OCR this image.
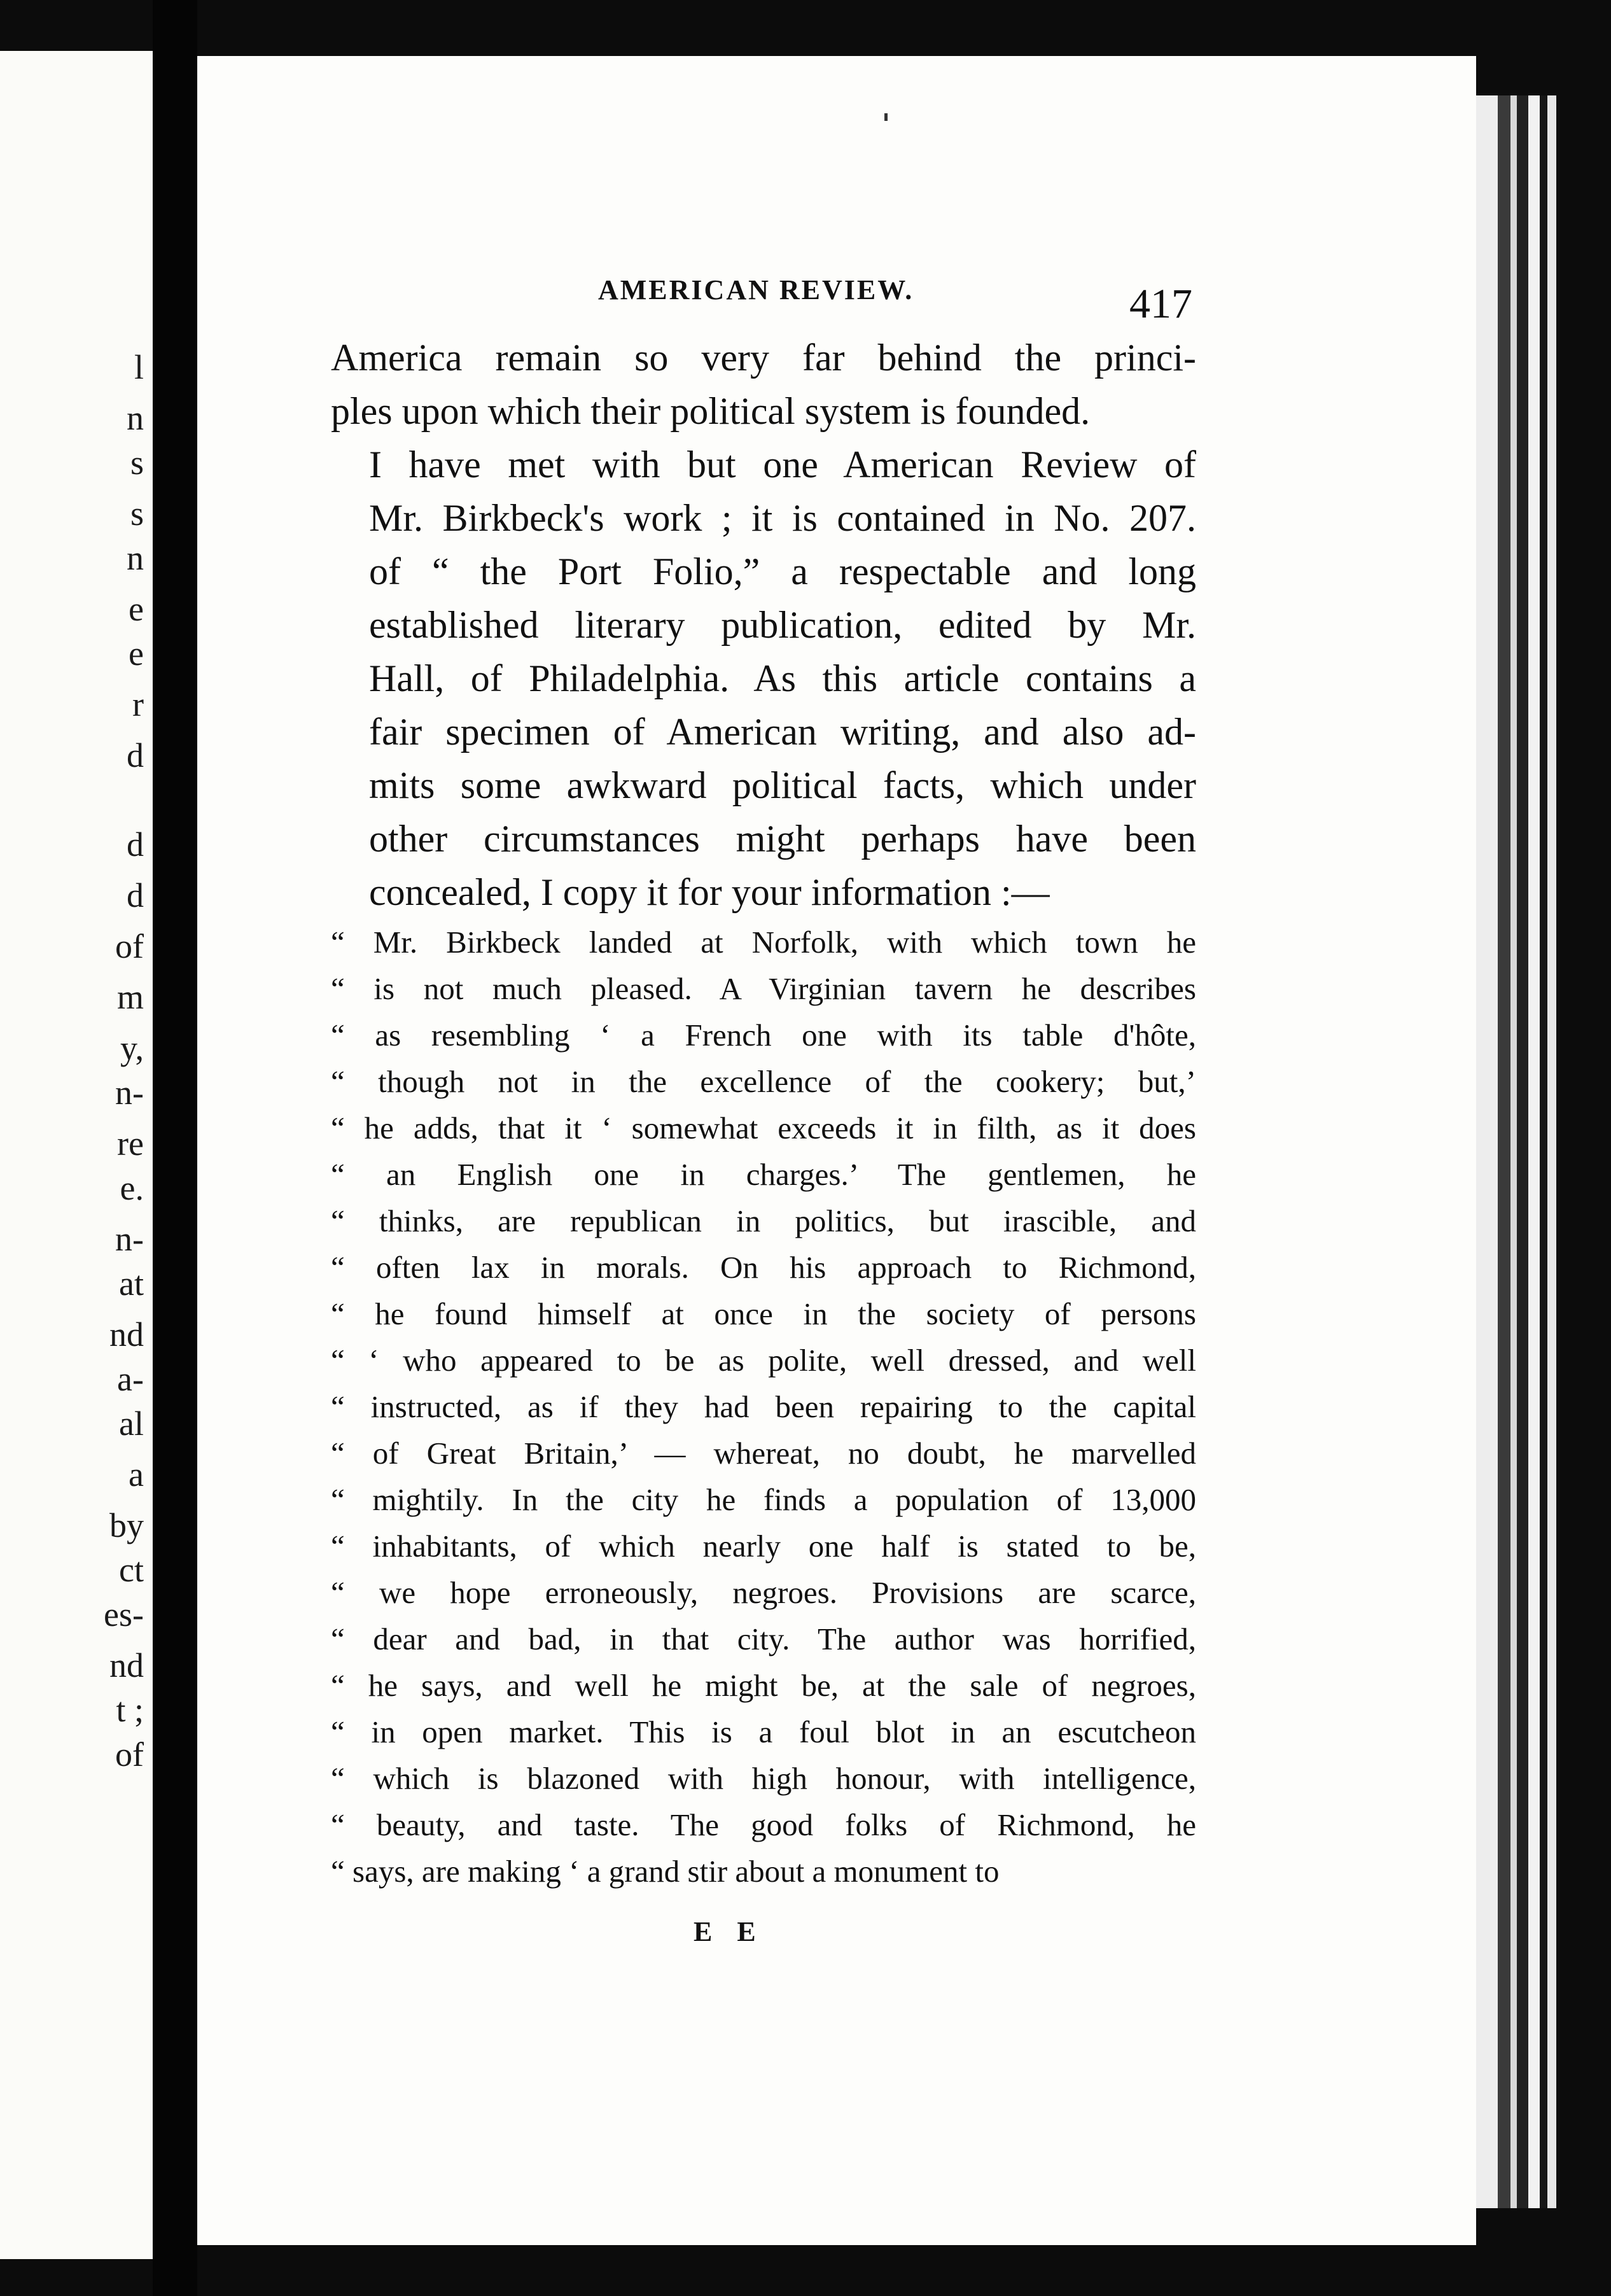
l
n
s
s
n
e
e
r
d
d
d
of
m
y,
n-
re
e.
n-
at
nd
a-
al
a
by
ct
es-
nd
t ;
of
AMERICAN REVIEW.	417

America remain so very far behind the princi-
ples upon which their political system is founded.

I have met with but one American Review of
Mr. Birkbeck's work ; it is contained in No. 207.
of “ the Port Folio,” a respectable and long
established literary publication, edited by Mr.
Hall, of Philadelphia. As this article contains a
fair specimen of American writing, and also ad-
mits some awkward political facts, which under
other circumstances might perhaps have been
concealed, I copy it for your information :—

“ Mr. Birkbeck landed at Norfolk, with which town he
“ is not much pleased. A Virginian tavern he describes
“ as resembling ‘ a French one with its table d'hôte,
“ though not in the excellence of the cookery; but,’
“ he adds, that it ‘ somewhat exceeds it in filth, as it does
“ an English one in charges.’ The gentlemen, he
“ thinks, are republican in politics, but irascible, and
“ often lax in morals. On his approach to Richmond,
“ he found himself at once in the society of persons
“ ‘ who appeared to be as polite, well dressed, and well
“ instructed, as if they had been repairing to the capital
“ of Great Britain,’ — whereat, no doubt, he marvelled
“ mightily. In the city he finds a population of 13,000
“ inhabitants, of which nearly one half is stated to be,
“ we hope erroneously, negroes. Provisions are scarce,
“ dear and bad, in that city. The author was horrified,
“ he says, and well he might be, at the sale of negroes,
“ in open market. This is a foul blot in an escutcheon
“ which is blazoned with high honour, with intelligence,
“ beauty, and taste. The good folks of Richmond, he
“ says, are making ‘ a grand stir about a monument to

E E
